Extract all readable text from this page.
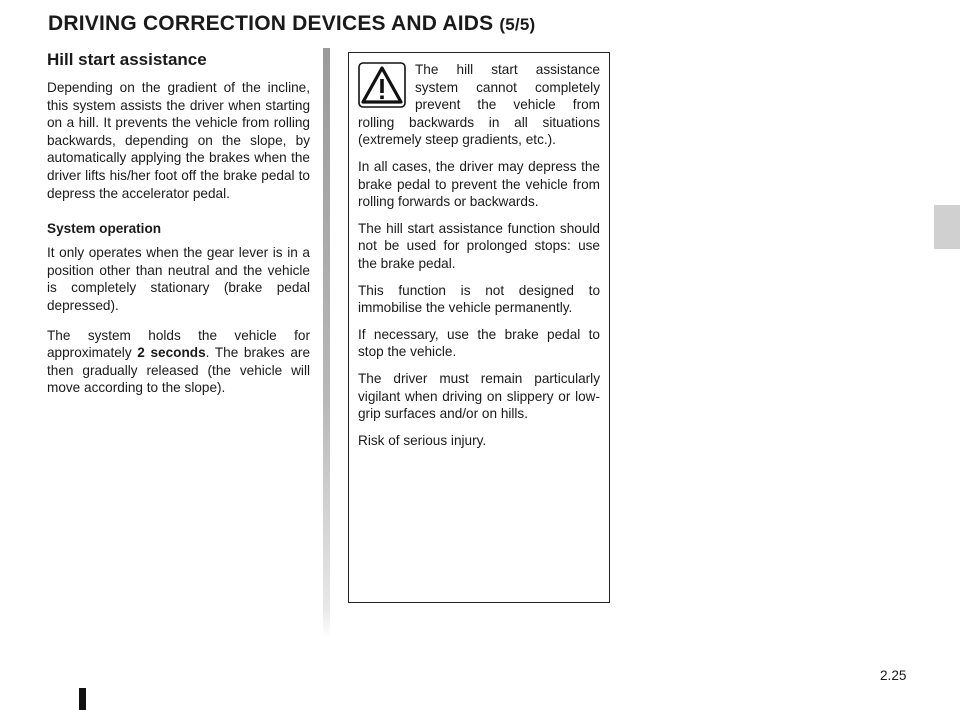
DRIVING CORRECTION DEVICES AND AIDS (5/5)
Hill start assistance

Depending on the gradient of the incline, this system assists the driver when starting on a hill. It prevents the vehicle from rolling backwards, depending on the slope, by automatically applying the brakes when the driver lifts his/her foot off the brake pedal to depress the accelerator pedal.

System operation

It only operates when the gear lever is in a position other than neutral and the vehicle is completely stationary (brake pedal depressed).

The system holds the vehicle for approximately 2 seconds. The brakes are then gradually released (the vehicle will move according to the slope).

The hill start assistance system cannot completely prevent the vehicle from rolling backwards in all situations (extremely steep gradients, etc.).

In all cases, the driver may depress the brake pedal to prevent the vehicle from rolling forwards or backwards.

The hill start assistance function should not be used for prolonged stops: use the brake pedal.

This function is not designed to immobilise the vehicle permanently.

If necessary, use the brake pedal to stop the vehicle.

The driver must remain particularly vigilant when driving on slippery or low-grip surfaces and/or on hills.

Risk of serious injury.

2.25
